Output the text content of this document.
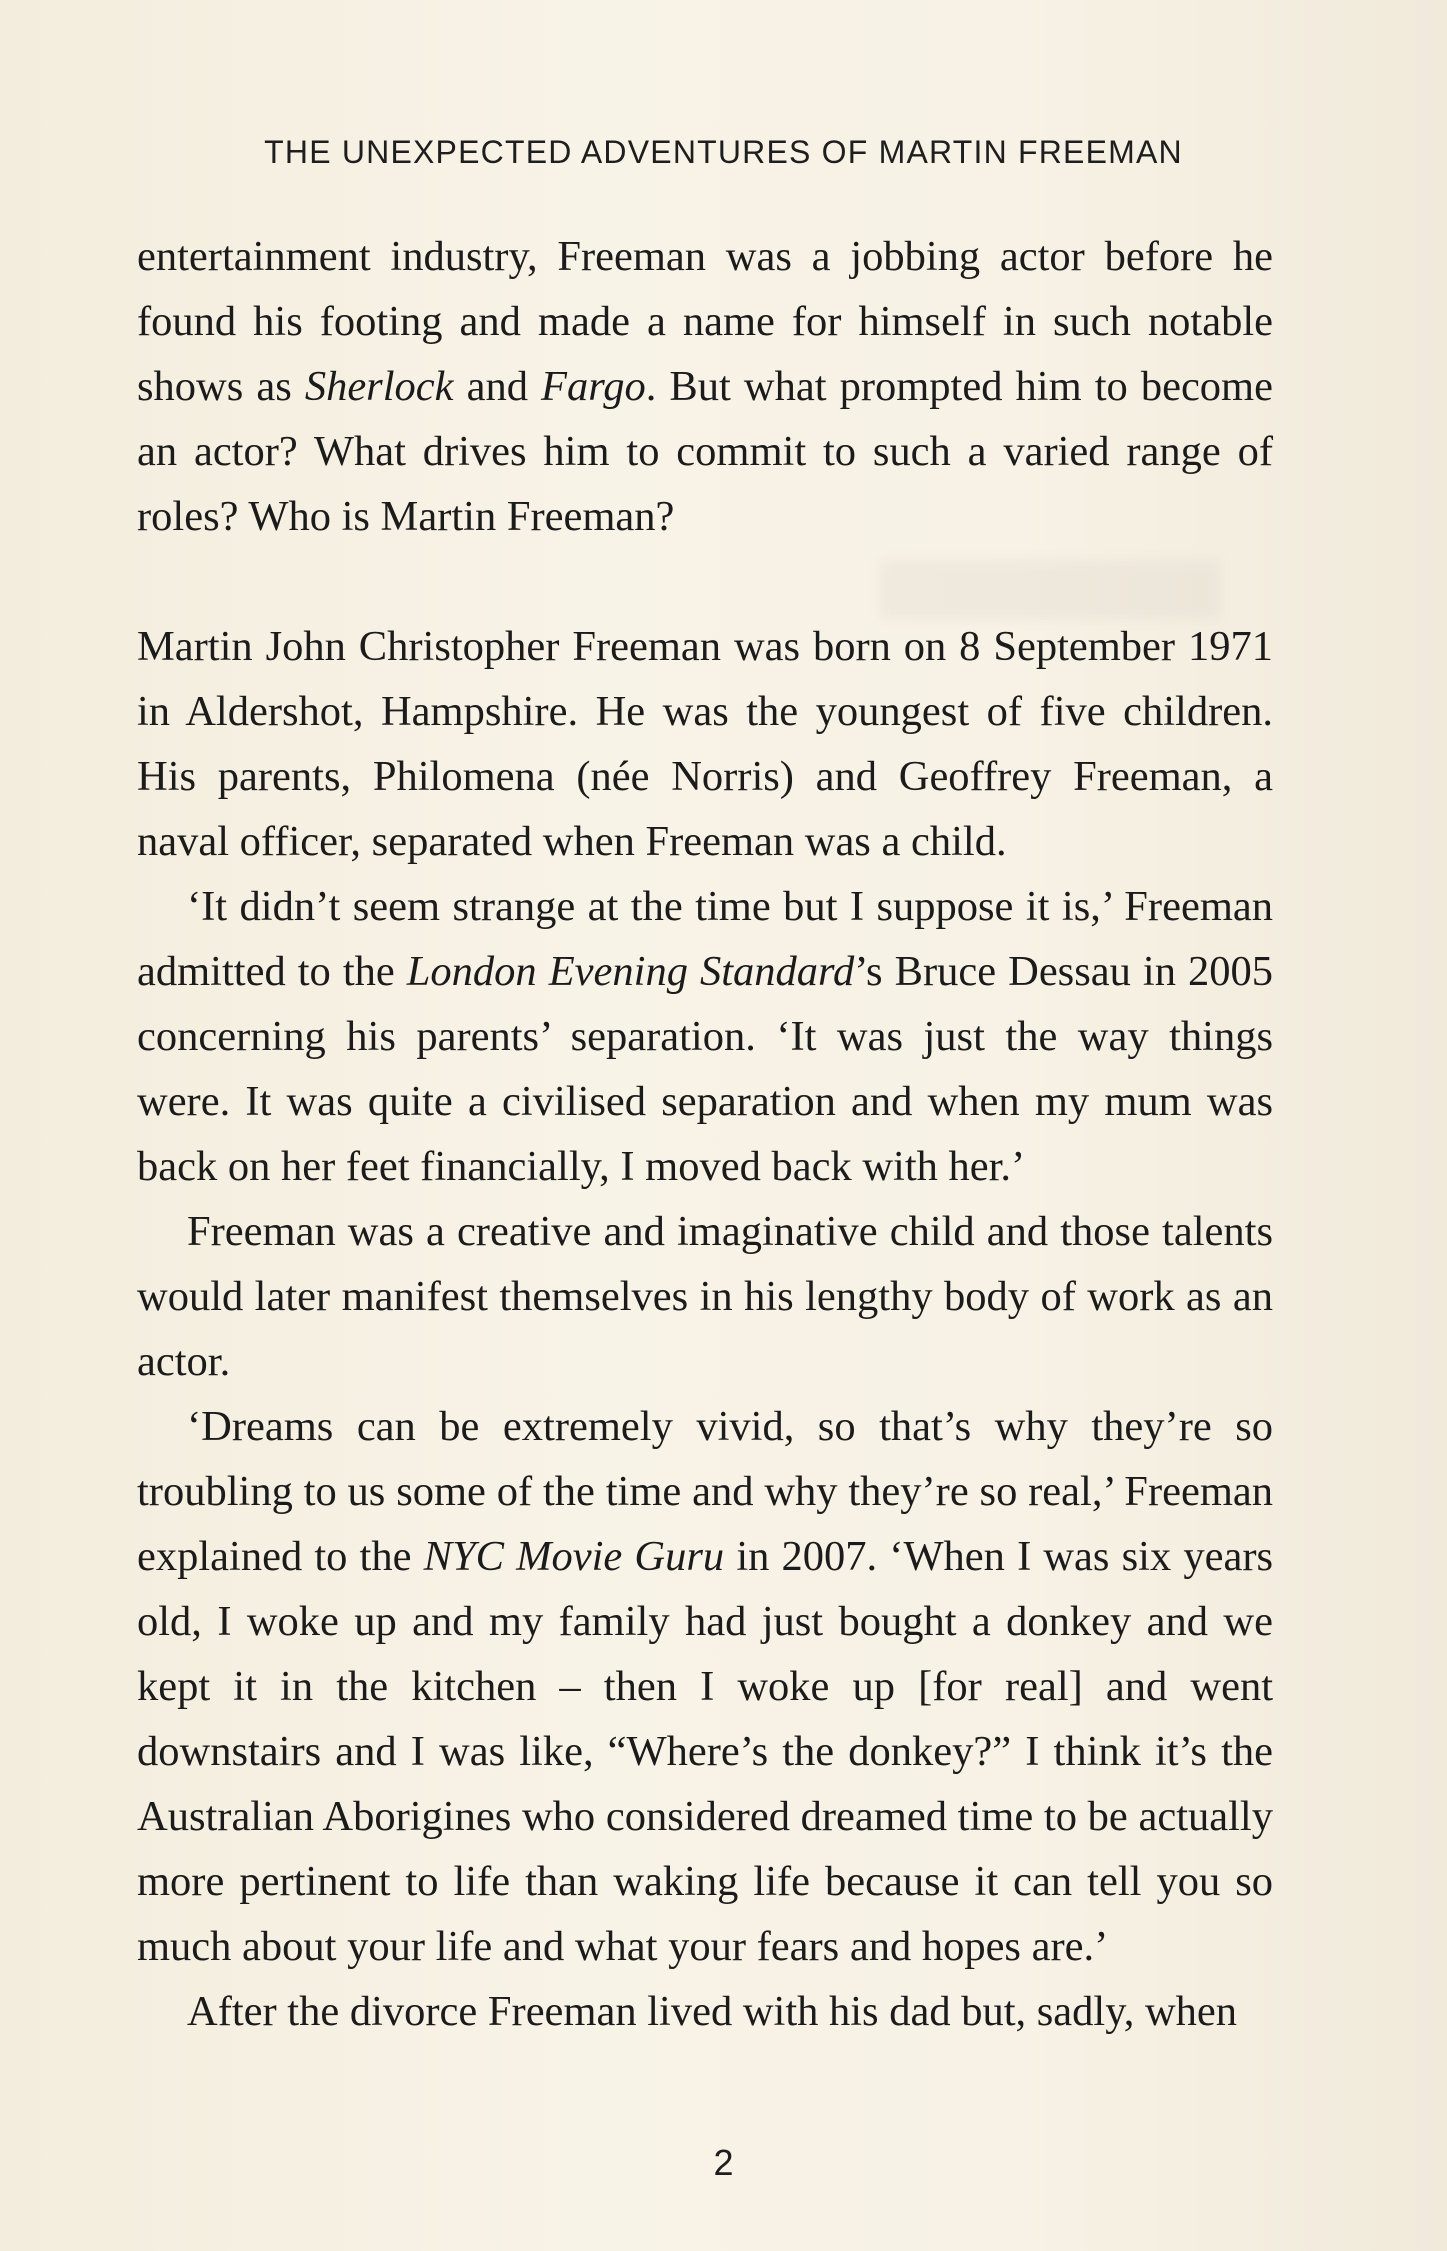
THE UNEXPECTED ADVENTURES OF MARTIN FREEMAN

entertainment industry, Freeman was a jobbing actor before he found his footing and made a name for himself in such notable shows as Sherlock and Fargo. But what prompted him to become an actor? What drives him to commit to such a varied range of roles? Who is Martin Freeman?

Martin John Christopher Freeman was born on 8 September 1971 in Aldershot, Hampshire. He was the youngest of five children. His parents, Philomena (née Norris) and Geoffrey Freeman, a naval officer, separated when Freeman was a child.

‘It didn’t seem strange at the time but I suppose it is,’ Freeman admitted to the London Evening Standard’s Bruce Dessau in 2005 concerning his parents’ separation. ‘It was just the way things were. It was quite a civilised separation and when my mum was back on her feet financially, I moved back with her.’

Freeman was a creative and imaginative child and those talents would later manifest themselves in his lengthy body of work as an actor.

‘Dreams can be extremely vivid, so that’s why they’re so troubling to us some of the time and why they’re so real,’ Freeman explained to the NYC Movie Guru in 2007. ‘When I was six years old, I woke up and my family had just bought a donkey and we kept it in the kitchen – then I woke up [for real] and went downstairs and I was like, “Where’s the donkey?” I think it’s the Australian Aborigines who considered dreamed time to be actually more pertinent to life than waking life because it can tell you so much about your life and what your fears and hopes are.’

After the divorce Freeman lived with his dad but, sadly, when

2
